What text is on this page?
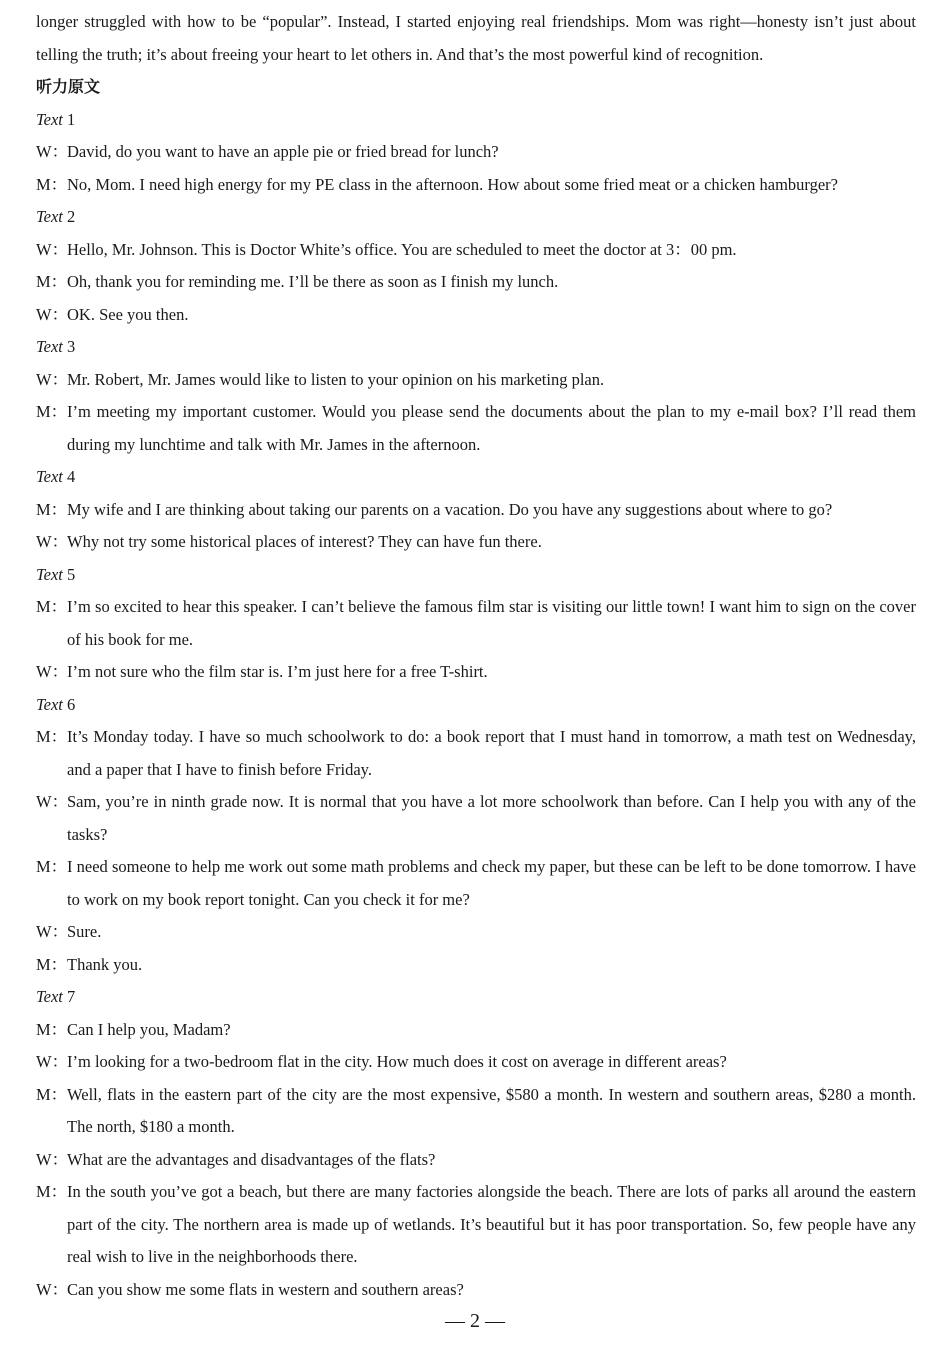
longer struggled with how to be “popular”. Instead, I started enjoying real friendships. Mom was right—honesty isn’t just about telling the truth; it’s about freeing your heart to let others in. And that’s the most powerful kind of recognition.
听力原文
Text 1
W：
David, do you want to have an apple pie or fried bread for lunch?
M： No, Mom. I need high energy for my PE class in the afternoon. How about some fried meat or a chicken hamburger?
Text 2
W：
Hello, Mr. Johnson. This is Doctor White’s office. You are scheduled to meet the doctor at 3：00 pm.
M： Oh, thank you for reminding me. I’ll be there as soon as I finish my lunch.
W：
OK. See you then.
Text 3
W：
Mr. Robert, Mr. James would like to listen to your opinion on his marketing plan.
M： I’m meeting my important customer. Would you please send the documents about the plan to my e-mail box? I’ll read them during my lunchtime and talk with Mr. James in the afternoon.
Text 4
M： My wife and I are thinking about taking our parents on a vacation. Do you have any suggestions about where to go?
W：
Why not try some historical places of interest? They can have fun there.
Text 5
M： I’m so excited to hear this speaker. I can’t believe the famous film star is visiting our little town! I want him to sign on the cover of his book for me.
W：
I’m not sure who the film star is. I’m just here for a free T-shirt.
Text 6
M： It’s Monday today. I have so much schoolwork to do: a book report that I must hand in tomorrow, a math test on Wednesday, and a paper that I have to finish before Friday.
W：
Sam, you’re in ninth grade now. It is normal that you have a lot more schoolwork than before. Can I help you with any of the tasks?
M： I need someone to help me work out some math problems and check my paper, but these can be left to be done tomorrow. I have to work on my book report tonight. Can you check it for me?
W：
Sure.
M： Thank you.
Text 7
M： Can I help you, Madam?
W：
I’m looking for a two-bedroom flat in the city. How much does it cost on average in different areas?
M： Well, flats in the eastern part of the city are the most expensive, $580 a month. In western and southern areas, $280 a month. The north, $180 a month.
W：
What are the advantages and disadvantages of the flats?
M： In the south you’ve got a beach, but there are many factories alongside the beach. There are lots of parks all around the eastern part of the city. The northern area is made up of wetlands. It’s beautiful but it has poor transportation. So, few people have any real wish to live in the neighborhoods there.
W：
Can you show me some flats in western and southern areas?
— 2 —
